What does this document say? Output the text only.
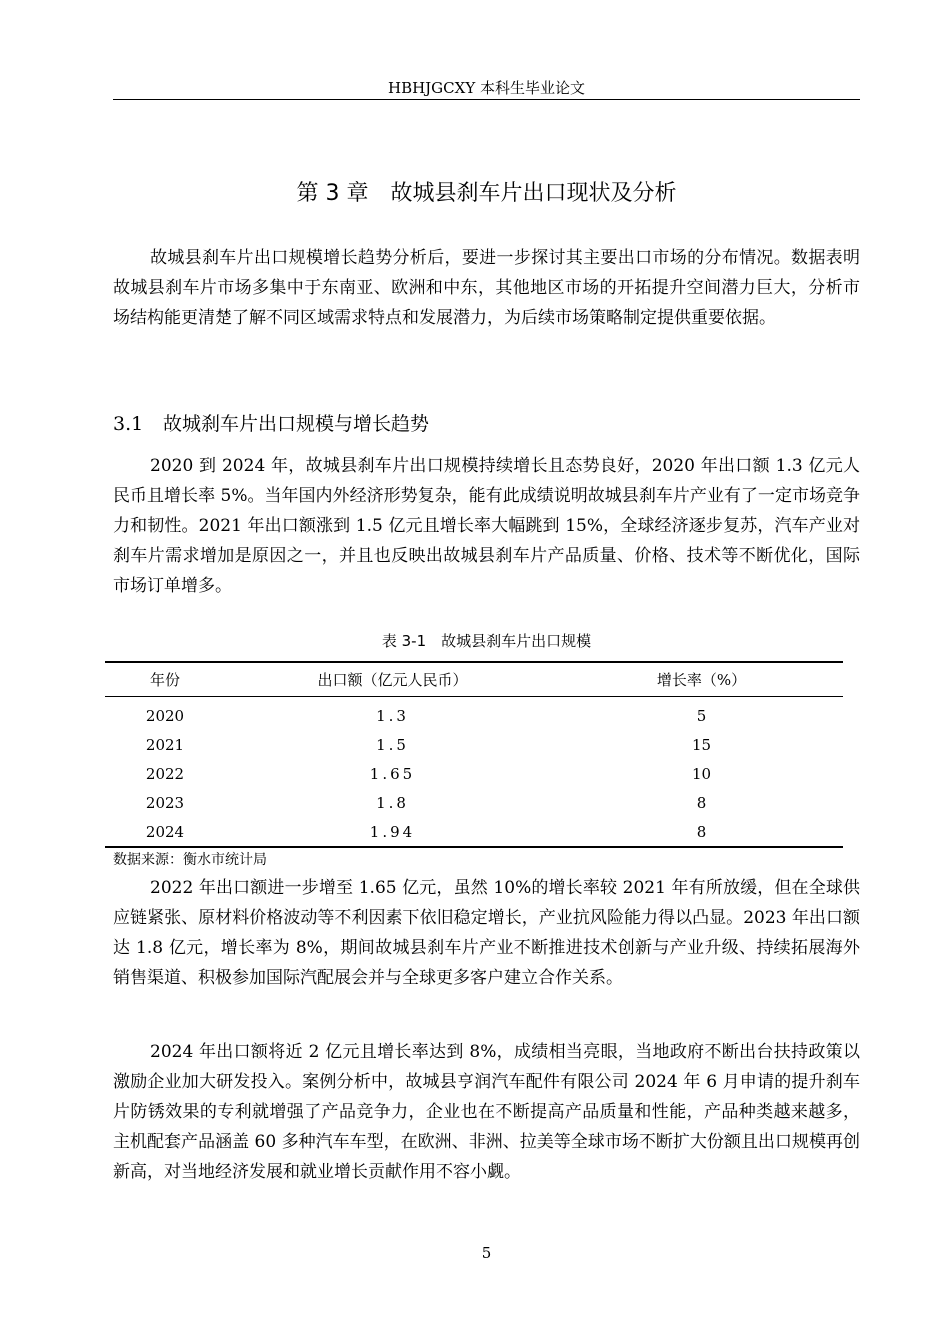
HBHJGCXY 本科生毕业论文
第 3 章　故城县刹车片出口现状及分析

故城县刹车片出口规模增长趋势分析后，要进一步探讨其主要出口市场的分布情况。数据表明故城县刹车片市场多集中于东南亚、欧洲和中东，其他地区市场的开拓提升空间潜力巨大，分析市场结构能更清楚了解不同区域需求特点和发展潜力，为后续市场策略制定提供重要依据。

3.1 故城刹车片出口规模与增长趋势

2020 到 2024 年，故城县刹车片出口规模持续增长且态势良好，2020 年出口额 1.3 亿元人民币且增长率 5%。当年国内外经济形势复杂，能有此成绩说明故城县刹车片产业有了一定市场竞争力和韧性。2021 年出口额涨到 1.5 亿元且增长率大幅跳到 15%，全球经济逐步复苏，汽车产业对刹车片需求增加是原因之一，并且也反映出故城县刹车片产品质量、价格、技术等不断优化，国际市场订单增多。

表 3-1　故城县刹车片出口规模
年份	出口额（亿元人民币）	增长率（%）
2020	1.3	5
2021	1.5	15
2022	1.65	10
2023	1.8	8
2024	1.94	8
数据来源：衡水市统计局

2022 年出口额进一步增至 1.65 亿元，虽然 10%的增长率较 2021 年有所放缓，但在全球供应链紧张、原材料价格波动等不利因素下依旧稳定增长，产业抗风险能力得以凸显。2023 年出口额达 1.8 亿元，增长率为 8%，期间故城县刹车片产业不断推进技术创新与产业升级、持续拓展海外销售渠道、积极参加国际汽配展会并与全球更多客户建立合作关系。

2024 年出口额将近 2 亿元且增长率达到 8%，成绩相当亮眼，当地政府不断出台扶持政策以激励企业加大研发投入。案例分析中，故城县亨润汽车配件有限公司 2024 年 6 月申请的提升刹车片防锈效果的专利就增强了产品竞争力，企业也在不断提高产品质量和性能，产品种类越来越多，主机配套产品涵盖 60 多种汽车车型，在欧洲、非洲、拉美等全球市场不断扩大份额且出口规模再创新高，对当地经济发展和就业增长贡献作用不容小觑。

5
